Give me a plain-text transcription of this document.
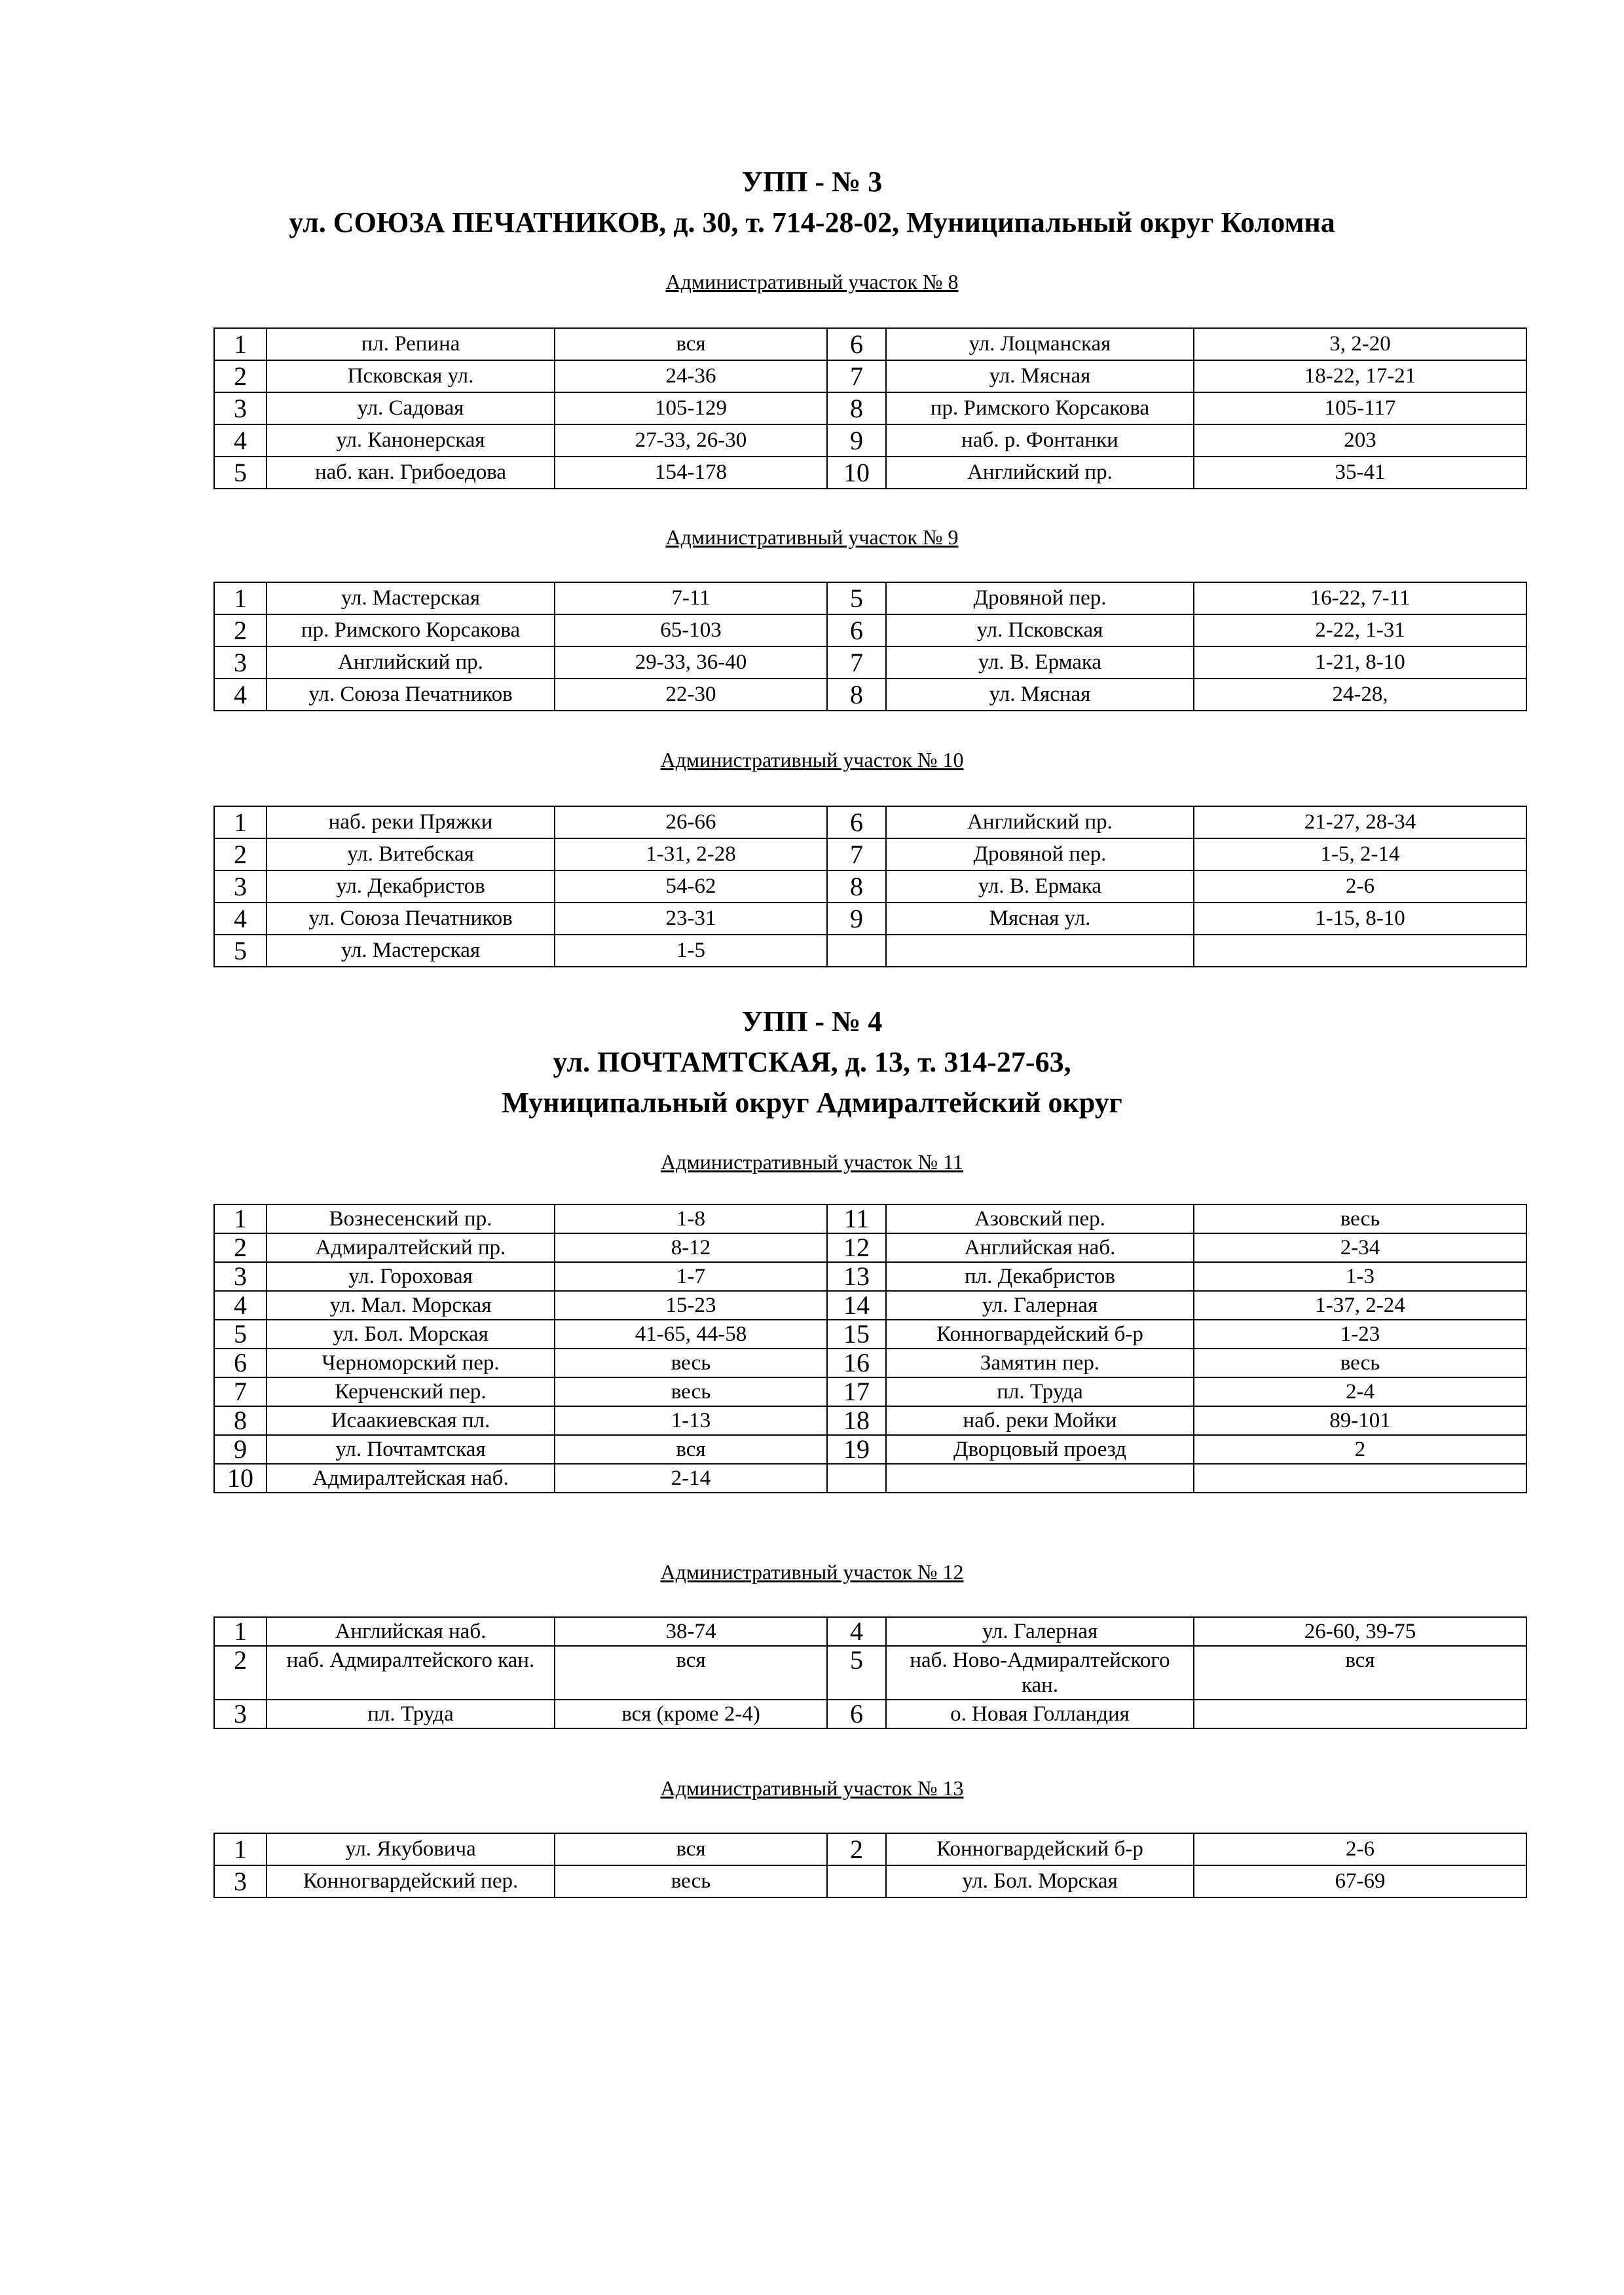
УПП - № 3
ул. СОЮЗА ПЕЧАТНИКОВ, д. 30, т. 714-28-02, Муниципальный округ Коломна
Административный участок № 8
1	пл. Репина	вся	6	ул. Лоцманская	3, 2-20
2	Псковская ул.	24-36	7	ул. Мясная	18-22, 17-21
3	ул. Садовая	105-129	8	пр. Римского Корсакова	105-117
4	ул. Канонерская	27-33, 26-30	9	наб. р. Фонтанки	203
5	наб. кан. Грибоедова	154-178	10	Английский пр.	35-41
Административный участок № 9
1	ул. Мастерская	7-11	5	Дровяной пер.	16-22, 7-11
2	пр. Римского Корсакова	65-103	6	ул. Псковская	2-22, 1-31
3	Английский пр.	29-33, 36-40	7	ул. В. Ермака	1-21, 8-10
4	ул. Союза Печатников	22-30	8	ул. Мясная	24-28,
Административный участок № 10
1	наб. реки Пряжки	26-66	6	Английский пр.	21-27, 28-34
2	ул. Витебская	1-31, 2-28	7	Дровяной пер.	1-5, 2-14
3	ул. Декабристов	54-62	8	ул. В. Ермака	2-6
4	ул. Союза Печатников	23-31	9	Мясная ул.	1-15, 8-10
5	ул. Мастерская	1-5			
УПП - № 4
ул. ПОЧТАМТСКАЯ, д. 13, т. 314-27-63,
Муниципальный округ Адмиралтейский округ
Административный участок № 11
1	Вознесенский пр.	1-8	11	Азовский пер.	весь
2	Адмиралтейский пр.	8-12	12	Английская наб.	2-34
3	ул. Гороховая	1-7	13	пл. Декабристов	1-3
4	ул. Мал. Морская	15-23	14	ул. Галерная	1-37, 2-24
5	ул. Бол. Морская	41-65, 44-58	15	Конногвардейский б-р	1-23
6	Черноморский пер.	весь	16	Замятин пер.	весь
7	Керченский пер.	весь	17	пл. Труда	2-4
8	Исаакиевская пл.	1-13	18	наб. реки Мойки	89-101
9	ул. Почтамтская	вся	19	Дворцовый проезд	2
10	Адмиралтейская наб.	2-14			
Административный участок № 12
1	Английская наб.	38-74	4	ул. Галерная	26-60, 39-75
2	наб. Адмиралтейского кан.	вся	5	наб. Ново-Адмиралтейского кан.	вся
3	пл. Труда	вся (кроме 2-4)	6	о. Новая Голландия	
Административный участок № 13
1	ул. Якубовича	вся	2	Конногвардейский б-р	2-6
3	Конногвардейский пер.	весь		ул. Бол. Морская	67-69
